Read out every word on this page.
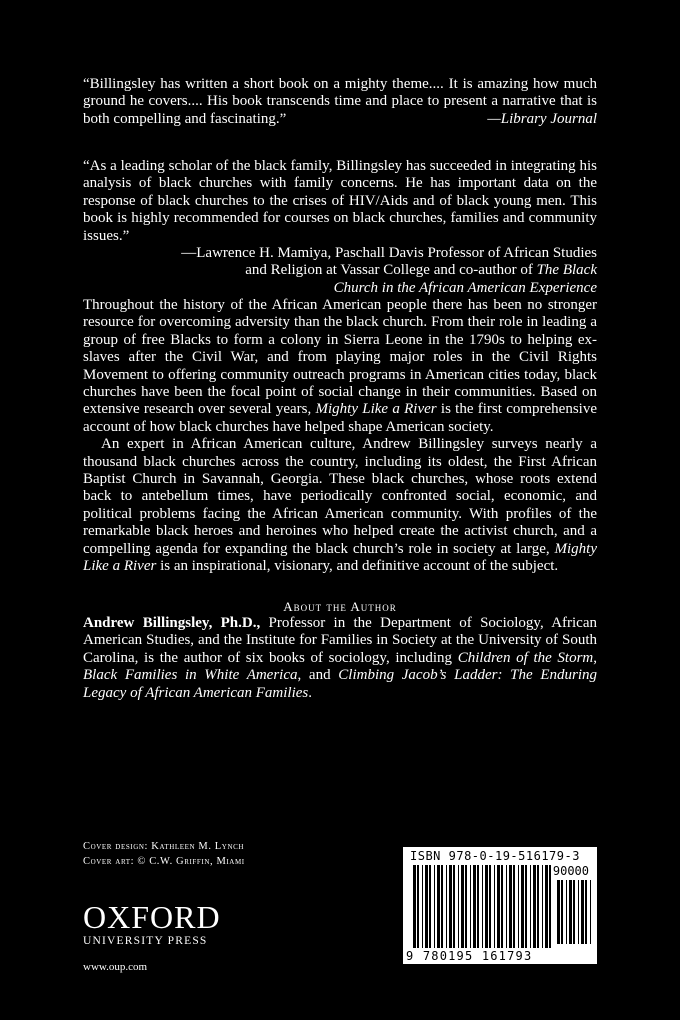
“Billingsley has written a short book on a mighty theme.... It is amazing how much ground he covers.... His book transcends time and place to present a narrative that is both compelling and fascinating.”	—Library Journal

“As a leading scholar of the black family, Billingsley has succeeded in integrating his analysis of black churches with family concerns. He has important data on the response of black churches to the crises of HIV/Aids and of black young men. This book is highly recommended for courses on black churches, families and community issues.”

—Lawrence H. Mamiya, Paschall Davis Professor of African Studies
and Religion at Vassar College and co-author of The Black
Church in the African American Experience

Throughout the history of the African American people there has been no stronger resource for overcoming adversity than the black church. From their role in leading a group of free Blacks to form a colony in Sierra Leone in the 1790s to helping ex-slaves after the Civil War, and from playing major roles in the Civil Rights Movement to offering community outreach programs in American cities today, black churches have been the focal point of social change in their communities. Based on extensive research over several years, Mighty Like a River is the first comprehensive account of how black churches have helped shape American society.

An expert in African American culture, Andrew Billingsley surveys nearly a thousand black churches across the country, including its oldest, the First African Baptist Church in Savannah, Georgia. These black churches, whose roots extend back to antebellum times, have periodically confronted social, economic, and political problems facing the African American community. With profiles of the remarkable black heroes and heroines who helped create the activist church, and a compelling agenda for expanding the black church’s role in society at large, Mighty Like a River is an inspirational, visionary, and definitive account of the subject.

About the Author

Andrew Billingsley, Ph.D., Professor in the Department of Sociology, African American Studies, and the Institute for Families in Society at the University of South Carolina, is the author of six books of sociology, including Children of the Storm, Black Families in White America, and Climbing Jacob’s Ladder: The Enduring Legacy of African American Families.

Cover design: Kathleen M. Lynch
Cover art: © C.W. Griffin, Miami
OXFORD
UNIVERSITY PRESS
www.oup.com
ISBN 978-0-19-516179-3
90000
9 780195 161793
